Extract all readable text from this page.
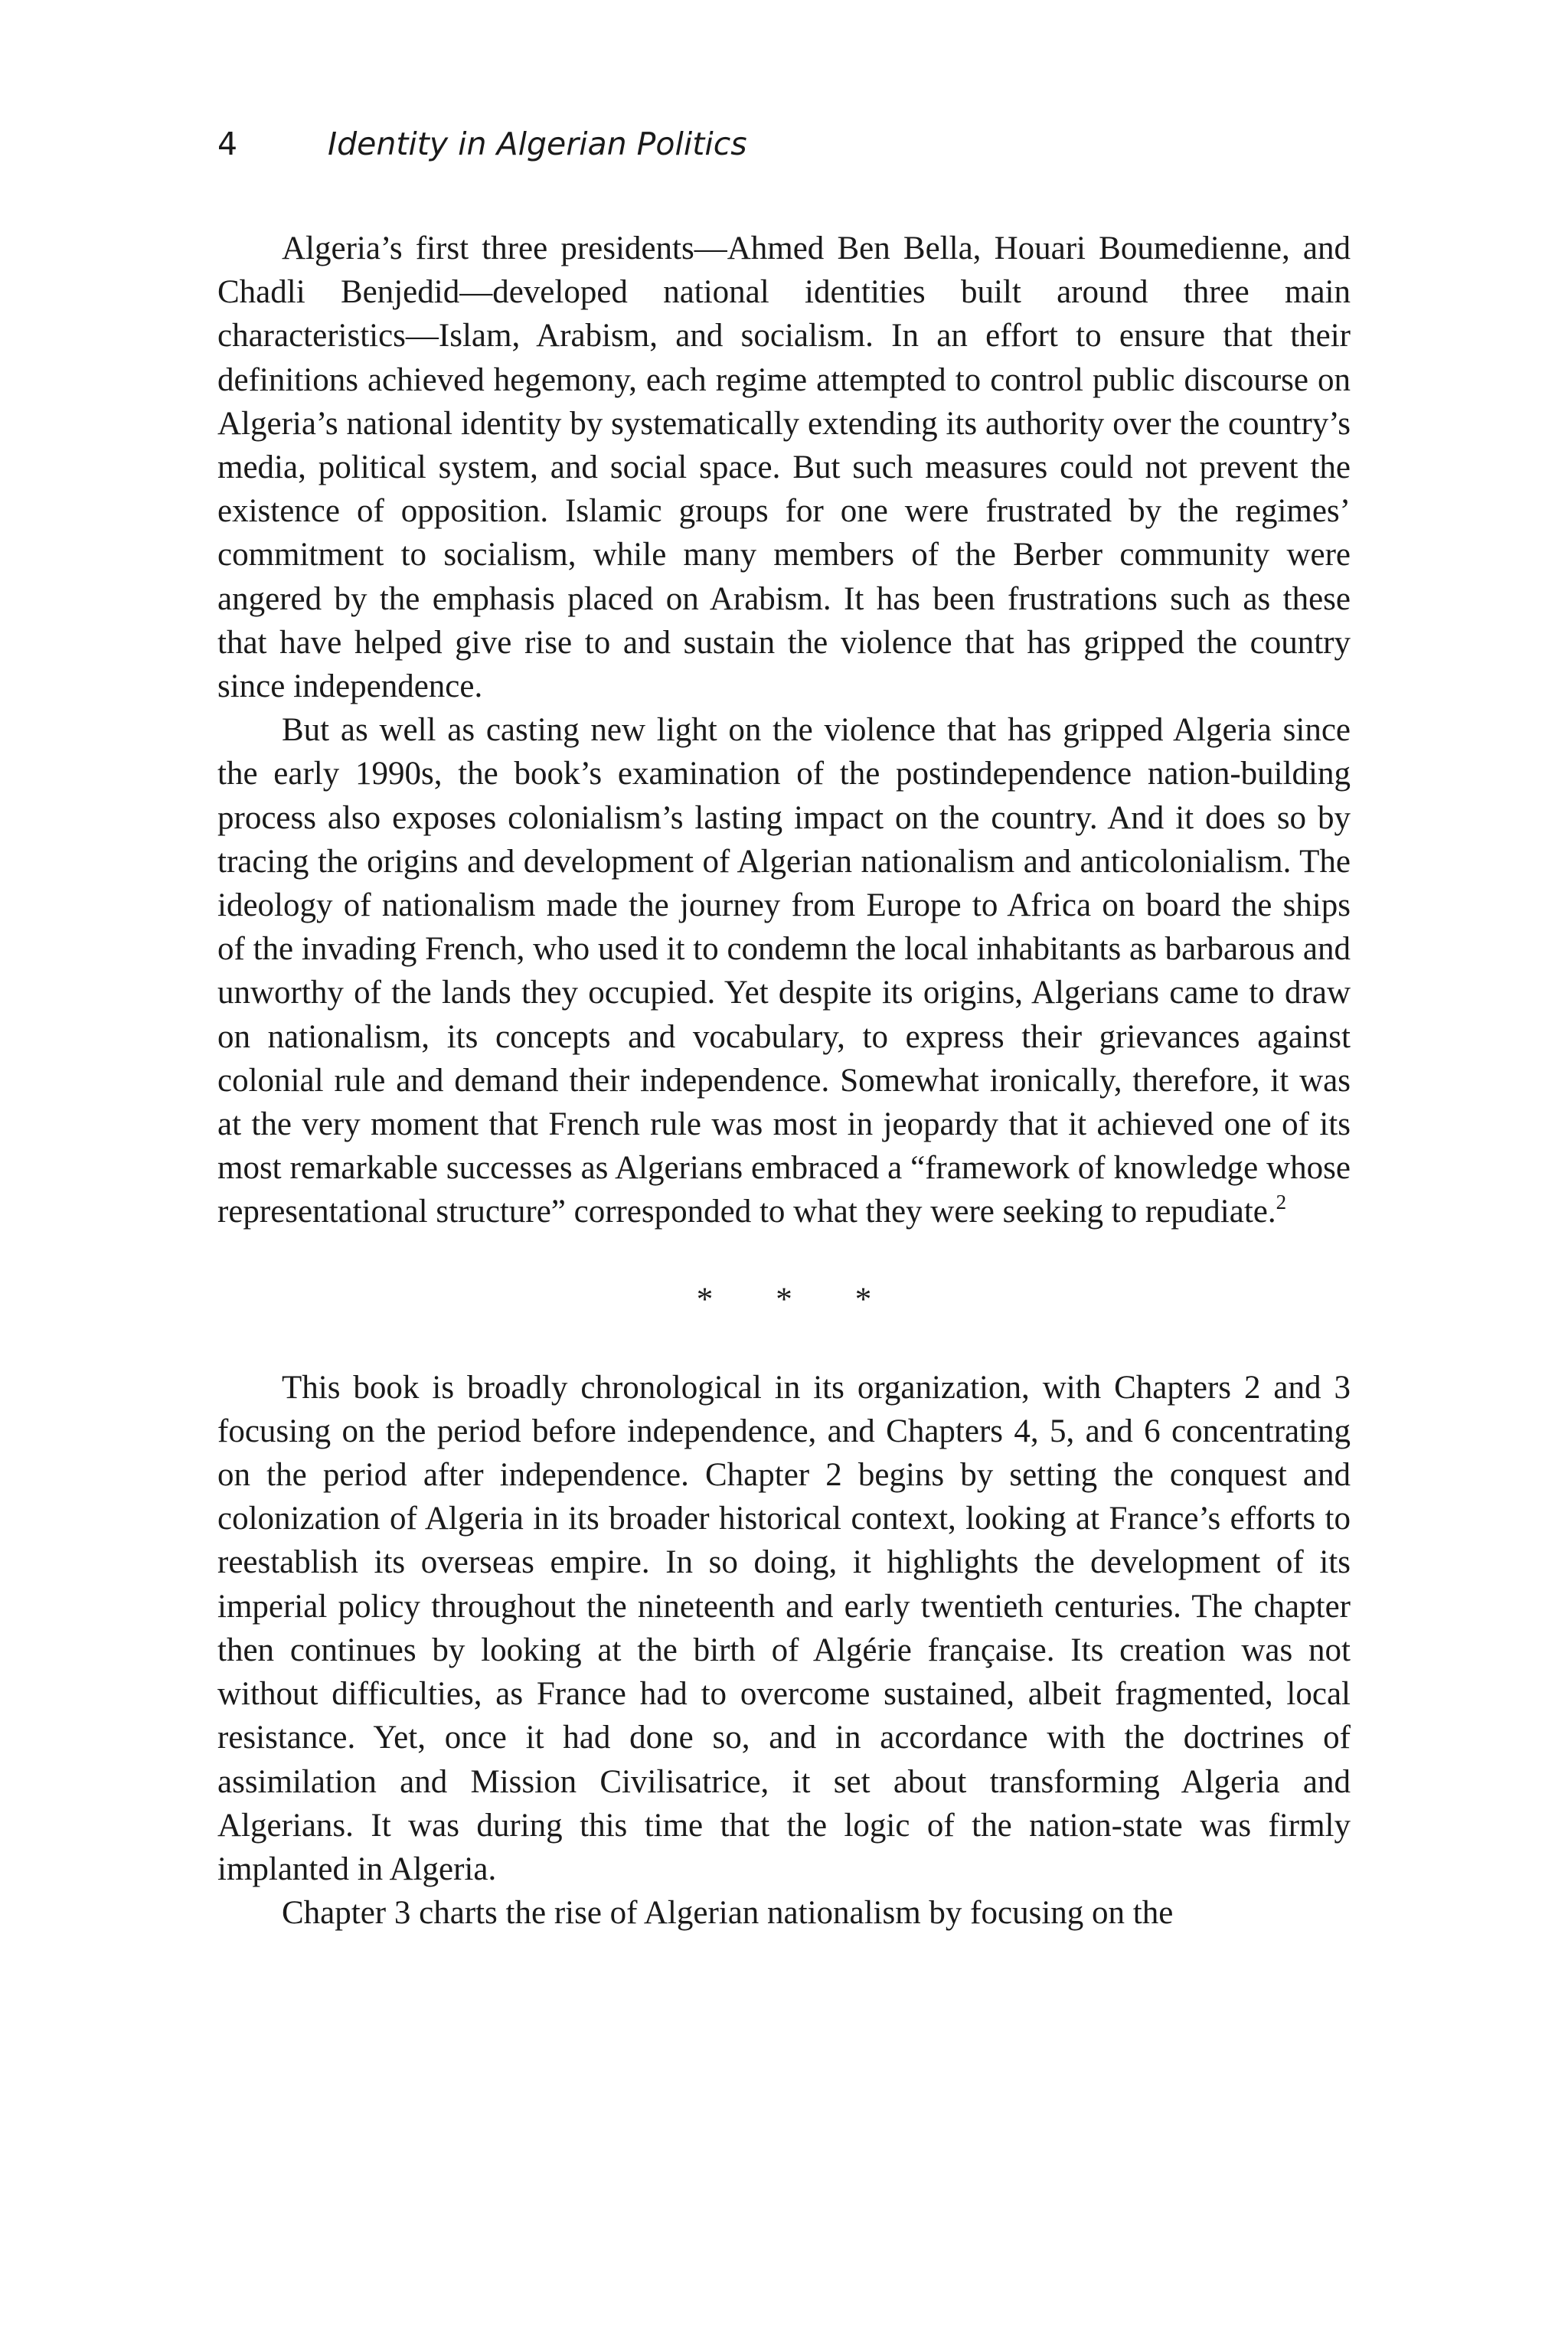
4	Identity in Algerian Politics

Algeria’s first three presidents—Ahmed Ben Bella, Houari Boumedienne, and Chadli Benjedid—developed national identities built around three main characteristics—Islam, Arabism, and socialism. In an effort to ensure that their definitions achieved hegemony, each regime attempted to control public discourse on Algeria’s national identity by systematically extending its authority over the country’s media, political system, and social space. But such measures could not prevent the existence of opposition. Islamic groups for one were frustrated by the regimes’ commitment to socialism, while many members of the Berber community were angered by the emphasis placed on Arabism. It has been frustrations such as these that have helped give rise to and sustain the violence that has gripped the country since independence.

But as well as casting new light on the violence that has gripped Algeria since the early 1990s, the book’s examination of the postindependence nation-building process also exposes colonialism’s lasting impact on the country. And it does so by tracing the origins and development of Algerian nationalism and anticolonialism. The ideology of nationalism made the journey from Europe to Africa on board the ships of the invading French, who used it to condemn the local inhabitants as barbarous and unworthy of the lands they occupied. Yet despite its origins, Algerians came to draw on nationalism, its concepts and vocabulary, to express their grievances against colonial rule and demand their independence. Somewhat ironically, therefore, it was at the very moment that French rule was most in jeopardy that it achieved one of its most remarkable successes as Algerians embraced a “framework of knowledge whose representational structure” corresponded to what they were seeking to repudiate.$^2$

* * *

This book is broadly chronological in its organization, with Chapters 2 and 3 focusing on the period before independence, and Chapters 4, 5, and 6 concentrating on the period after independence. Chapter 2 begins by setting the conquest and colonization of Algeria in its broader historical context, looking at France’s efforts to reestablish its overseas empire. In so doing, it highlights the development of its imperial policy throughout the nineteenth and early twentieth centuries. The chapter then continues by looking at the birth of Algérie française. Its creation was not without difficulties, as France had to overcome sustained, albeit fragmented, local resistance. Yet, once it had done so, and in accordance with the doctrines of assimilation and Mission Civilisatrice, it set about transforming Algeria and Algerians. It was during this time that the logic of the nation-state was firmly implanted in Algeria.

Chapter 3 charts the rise of Algerian nationalism by focusing on the
